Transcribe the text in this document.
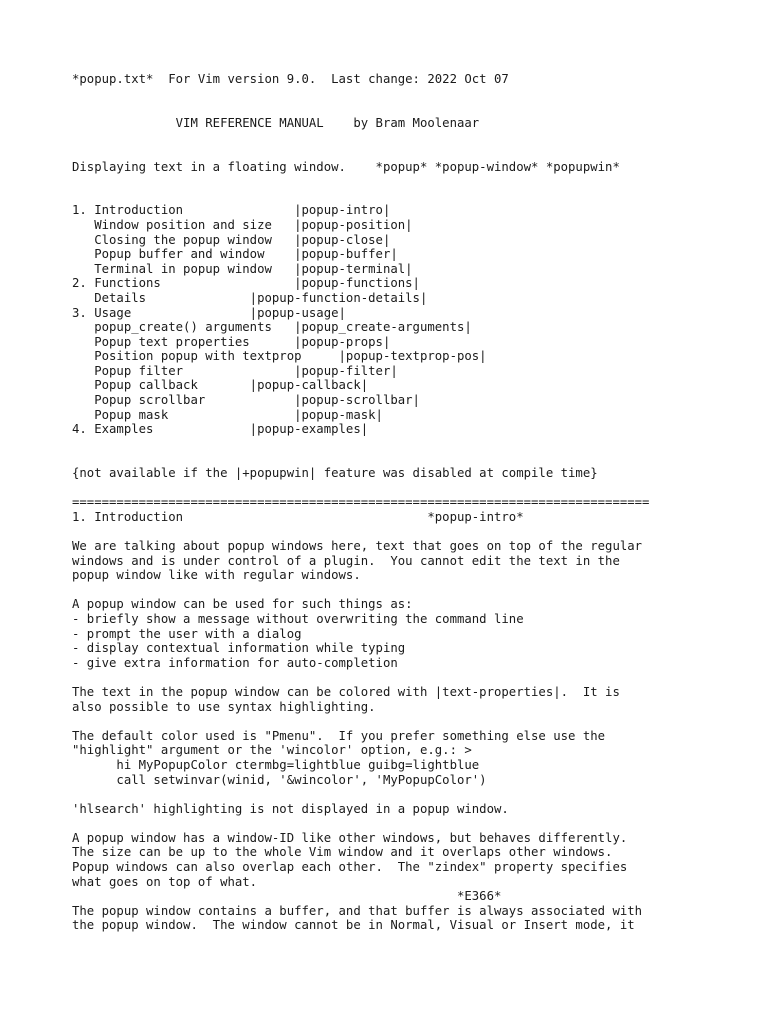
*popup.txt*  For Vim version 9.0.  Last change: 2022 Oct 07
VIM REFERENCE MANUAL    by Bram Moolenaar
Displaying text in a floating window.    *popup* *popup-window* *popupwin*
1. Introduction               |popup-intro|
Window position and size   |popup-position|
Closing the popup window   |popup-close|
Popup buffer and window    |popup-buffer|
Terminal in popup window   |popup-terminal|
2. Functions                  |popup-functions|
Details              |popup-function-details|
3. Usage                |popup-usage|
popup_create() arguments   |popup_create-arguments|
Popup text properties      |popup-props|
Position popup with textprop     |popup-textprop-pos|
Popup filter               |popup-filter|
Popup callback       |popup-callback|
Popup scrollbar            |popup-scrollbar|
Popup mask                 |popup-mask|
4. Examples             |popup-examples|
{not available if the |+popupwin| feature was disabled at compile time}
==============================================================================
1. Introduction                                 *popup-intro*
We are talking about popup windows here, text that goes on top of the regular
windows and is under control of a plugin.  You cannot edit the text in the
popup window like with regular windows.
A popup window can be used for such things as:
- briefly show a message without overwriting the command line
- prompt the user with a dialog
- display contextual information while typing
- give extra information for auto-completion
The text in the popup window can be colored with |text-properties|.  It is
also possible to use syntax highlighting.
The default color used is "Pmenu".  If you prefer something else use the
"highlight" argument or the 'wincolor' option, e.g.: >
hi MyPopupColor ctermbg=lightblue guibg=lightblue
call setwinvar(winid, '&wincolor', 'MyPopupColor')
'hlsearch' highlighting is not displayed in a popup window.
A popup window has a window-ID like other windows, but behaves differently.
The size can be up to the whole Vim window and it overlaps other windows.
Popup windows can also overlap each other.  The "zindex" property specifies
what goes on top of what.
*E366*
The popup window contains a buffer, and that buffer is always associated with
the popup window.  The window cannot be in Normal, Visual or Insert mode, it
